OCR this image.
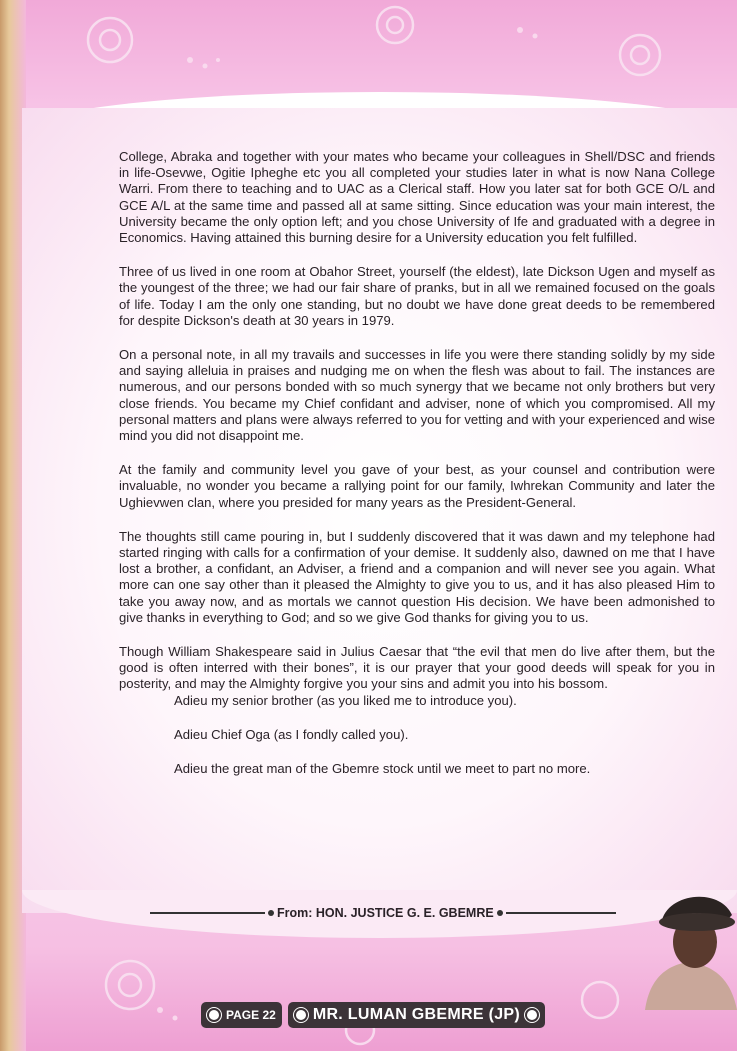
College, Abraka and together with your mates who became your colleagues in Shell/DSC and friends in life-Osevwe, Ogitie Ipheghe etc you all completed your studies later in what is now Nana College Warri. From there to teaching and to UAC as a Clerical staff. How you later sat for both GCE O/L and GCE A/L at the same time and passed all at same sitting. Since education was your main interest, the University became the only option left; and you chose University of Ife and graduated with a degree in Economics. Having attained this burning desire for a University education you felt fulfilled.

Three of us lived in one room at Obahor Street, yourself (the eldest), late Dickson Ugen and myself as the youngest of the three; we had our fair share of pranks, but in all we remained focused on the goals of life. Today I am the only one standing, but no doubt we have done great deeds to be remembered for despite Dickson's death at 30 years in 1979.

On a personal note, in all my travails and successes in life you were there standing solidly by my side and saying alleluia in praises and nudging me on when the flesh was about to fail. The instances are numerous, and our persons bonded with so much synergy that we became not only brothers but very close friends. You became my Chief confidant and adviser, none of which you compromised. All my personal matters and plans were always referred to you for vetting and with your experienced and wise mind you did not disappoint me.

At the family and community level you gave of your best, as your counsel and contribution were invaluable, no wonder you became a rallying point for our family, Iwhrekan Community and later the Ughievwen clan, where you presided for many years as the President-General.

The thoughts still came pouring in, but I suddenly discovered that it was dawn and my telephone had started ringing with calls for a confirmation of your demise. It suddenly also, dawned on me that I have lost a brother, a confidant, an Adviser, a friend and a companion and will never see you again. What more can one say other than it pleased the Almighty to give you to us, and it has also pleased Him to take you away now, and as mortals we cannot question His decision. We have been admonished to give thanks in everything to God; and so we give God thanks for giving you to us.

Though William Shakespeare said in Julius Caesar that “the evil that men do live after them, but the good is often interred with their bones”, it is our prayer that your good deeds will speak for you in posterity, and may the Almighty forgive you your sins and admit you into his bossom.

Adieu my senior brother (as you liked me to introduce you).

Adieu Chief Oga (as I fondly called you).

Adieu the great man of the Gbemre stock until we meet to part no more.

From: HON. JUSTICE G. E. GBEMRE
PAGE 22 MR. LUMAN GBEMRE (JP)
